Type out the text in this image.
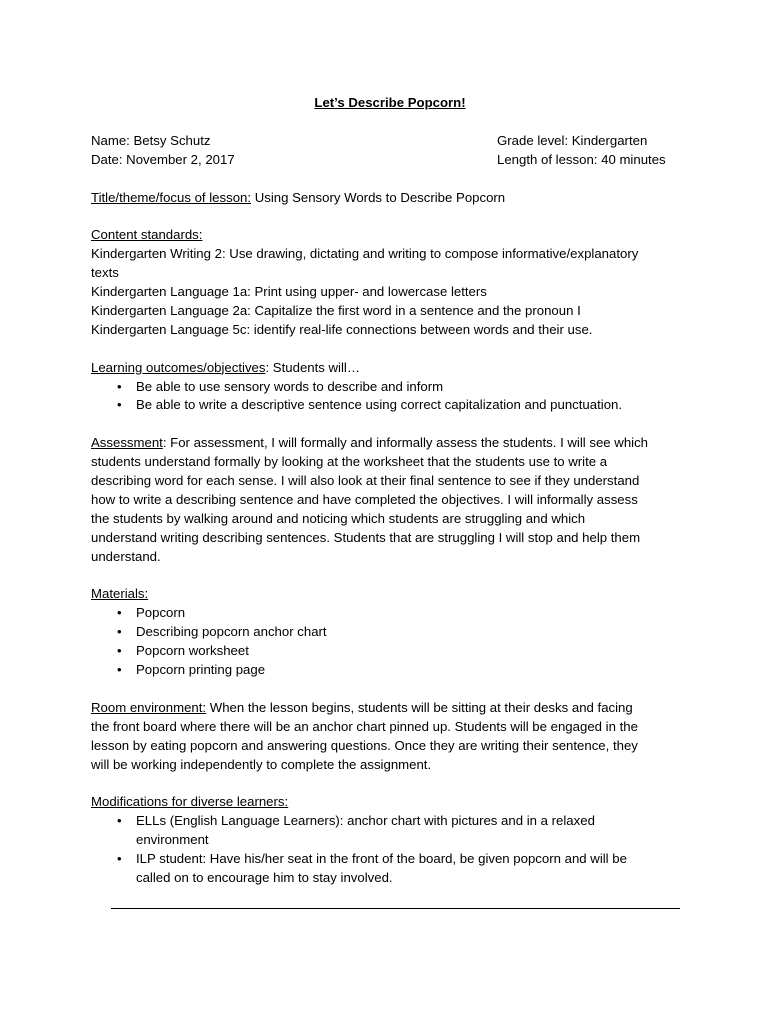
Let’s Describe Popcorn!
Name: Betsy Schutz	Grade level: Kindergarten
Date: November 2, 2017	Length of lesson: 40 minutes

Title/theme/focus of lesson: Using Sensory Words to Describe Popcorn

Content standards:
Kindergarten Writing 2: Use drawing, dictating and writing to compose informative/explanatory
texts
Kindergarten Language 1a: Print using upper- and lowercase letters
Kindergarten Language 2a: Capitalize the first word in a sentence and the pronoun I
Kindergarten Language 5c: identify real-life connections between words and their use.
Learning outcomes/objectives: Students will…
• Be able to use sensory words to describe and inform
• Be able to write a descriptive sentence using correct capitalization and punctuation.
Assessment: For assessment, I will formally and informally assess the students. I will see which
students understand formally by looking at the worksheet that the students use to write a
describing word for each sense. I will also look at their final sentence to see if they understand
how to write a describing sentence and have completed the objectives. I will informally assess
the students by walking around and noticing which students are struggling and which
understand writing describing sentences. Students that are struggling I will stop and help them
understand.
Materials:
• Popcorn
• Describing popcorn anchor chart
• Popcorn worksheet
• Popcorn printing page
Room environment: When the lesson begins, students will be sitting at their desks and facing
the front board where there will be an anchor chart pinned up. Students will be engaged in the
lesson by eating popcorn and answering questions. Once they are writing their sentence, they
will be working independently to complete the assignment.
Modifications for diverse learners:
• ELLs (English Language Learners): anchor chart with pictures and in a relaxed
environment
• ILP student: Have his/her seat in the front of the board, be given popcorn and will be
called on to encourage him to stay involved.
